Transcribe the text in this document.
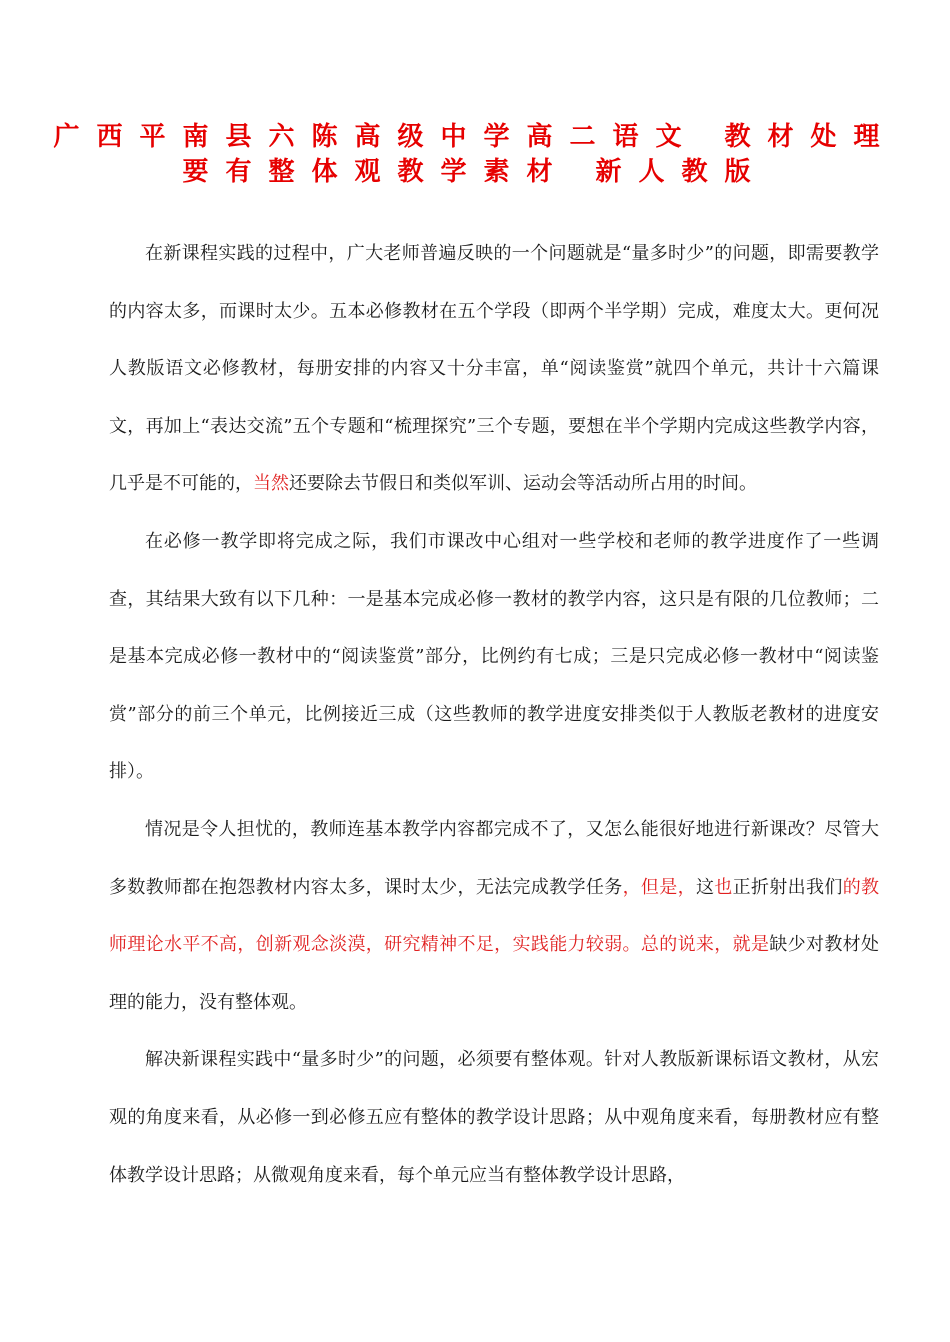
广西平南县六陈高级中学高二语文 教材处理
要有整体观教学素材 新人教版

在新课程实践的过程中，广大老师普遍反映的一个问题就是“量多时少”的问题，即需要教学的内容太多，而课时太少。五本必修教材在五个学段（即两个半学期）完成，难度太大。更何况人教版语文必修教材，每册安排的内容又十分丰富，单“阅读鉴赏”就四个单元，共计十六篇课文，再加上“表达交流”五个专题和“梳理探究”三个专题，要想在半个学期内完成这些教学内容，几乎是不可能的，当然还要除去节假日和类似军训、运动会等活动所占用的时间。

在必修一教学即将完成之际，我们市课改中心组对一些学校和老师的教学进度作了一些调查，其结果大致有以下几种：一是基本完成必修一教材的教学内容，这只是有限的几位教师；二是基本完成必修一教材中的“阅读鉴赏”部分，比例约有七成；三是只完成必修一教材中“阅读鉴赏”部分的前三个单元，比例接近三成（这些教师的教学进度安排类似于人教版老教材的进度安排）。

情况是令人担忧的，教师连基本教学内容都完成不了，又怎么能很好地进行新课改？尽管大多数教师都在抱怨教材内容太多，课时太少，无法完成教学任务，但是，这也正折射出我们的教师理论水平不高，创新观念淡漠，研究精神不足，实践能力较弱。总的说来，就是缺少对教材处理的能力，没有整体观。

解决新课程实践中“量多时少”的问题，必须要有整体观。针对人教版新课标语文教材，从宏观的角度来看，从必修一到必修五应有整体的教学设计思路；从中观角度来看，每册教材应有整体教学设计思路；从微观角度来看，每个单元应当有整体教学设计思路，
